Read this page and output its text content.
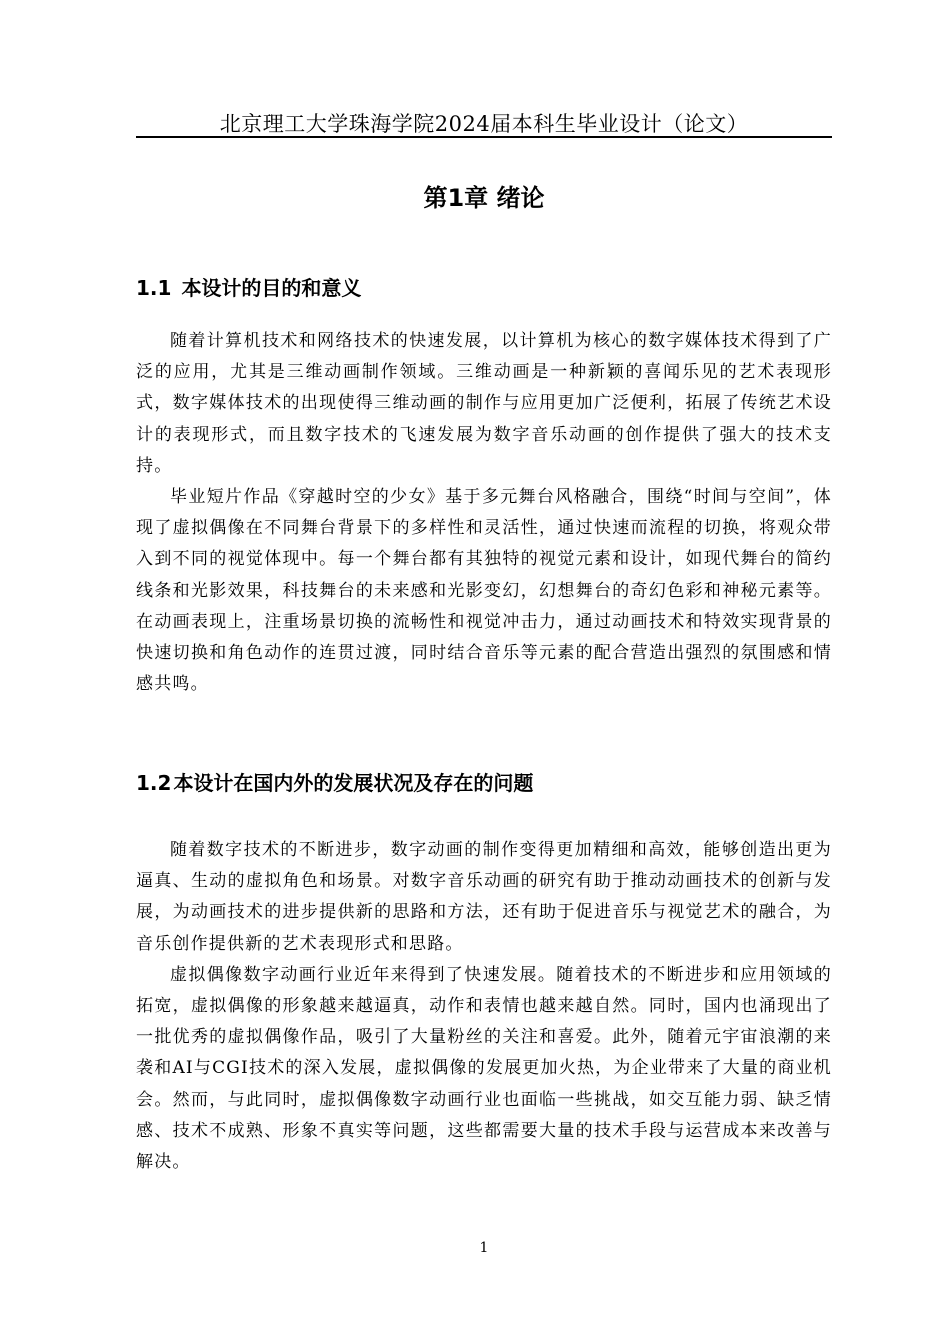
北京理工大学珠海学院2024届本科生毕业设计（论文）
第1章 绪论
1.1 本设计的目的和意义

随着计算机技术和网络技术的快速发展，以计算机为核心的数字媒体技术得到了广泛的应用，尤其是三维动画制作领域。三维动画是一种新颖的喜闻乐见的艺术表现形式，数字媒体技术的出现使得三维动画的制作与应用更加广泛便利，拓展了传统艺术设计的表现形式，而且数字技术的飞速发展为数字音乐动画的创作提供了强大的技术支持。

毕业短片作品《穿越时空的少女》基于多元舞台风格融合，围绕“时间与空间”，体现了虚拟偶像在不同舞台背景下的多样性和灵活性，通过快速而流程的切换，将观众带入到不同的视觉体现中。每一个舞台都有其独特的视觉元素和设计，如现代舞台的简约线条和光影效果，科技舞台的未来感和光影变幻，幻想舞台的奇幻色彩和神秘元素等。在动画表现上，注重场景切换的流畅性和视觉冲击力，通过动画技术和特效实现背景的快速切换和角色动作的连贯过渡，同时结合音乐等元素的配合营造出强烈的氛围感和情感共鸣。

1.2 本设计在国内外的发展状况及存在的问题

随着数字技术的不断进步，数字动画的制作变得更加精细和高效，能够创造出更为逼真、生动的虚拟角色和场景。对数字音乐动画的研究有助于推动动画技术的创新与发展，为动画技术的进步提供新的思路和方法，还有助于促进音乐与视觉艺术的融合，为音乐创作提供新的艺术表现形式和思路。

虚拟偶像数字动画行业近年来得到了快速发展。随着技术的不断进步和应用领域的拓宽，虚拟偶像的形象越来越逼真，动作和表情也越来越自然。同时，国内也涌现出了一批优秀的虚拟偶像作品，吸引了大量粉丝的关注和喜爱。此外，随着元宇宙浪潮的来袭和AI与CGI技术的深入发展，虚拟偶像的发展更加火热，为企业带来了大量的商业机会。然而，与此同时，虚拟偶像数字动画行业也面临一些挑战，如交互能力弱、缺乏情感、技术不成熟、形象不真实等问题，这些都需要大量的技术手段与运营成本来改善与解决。

1
